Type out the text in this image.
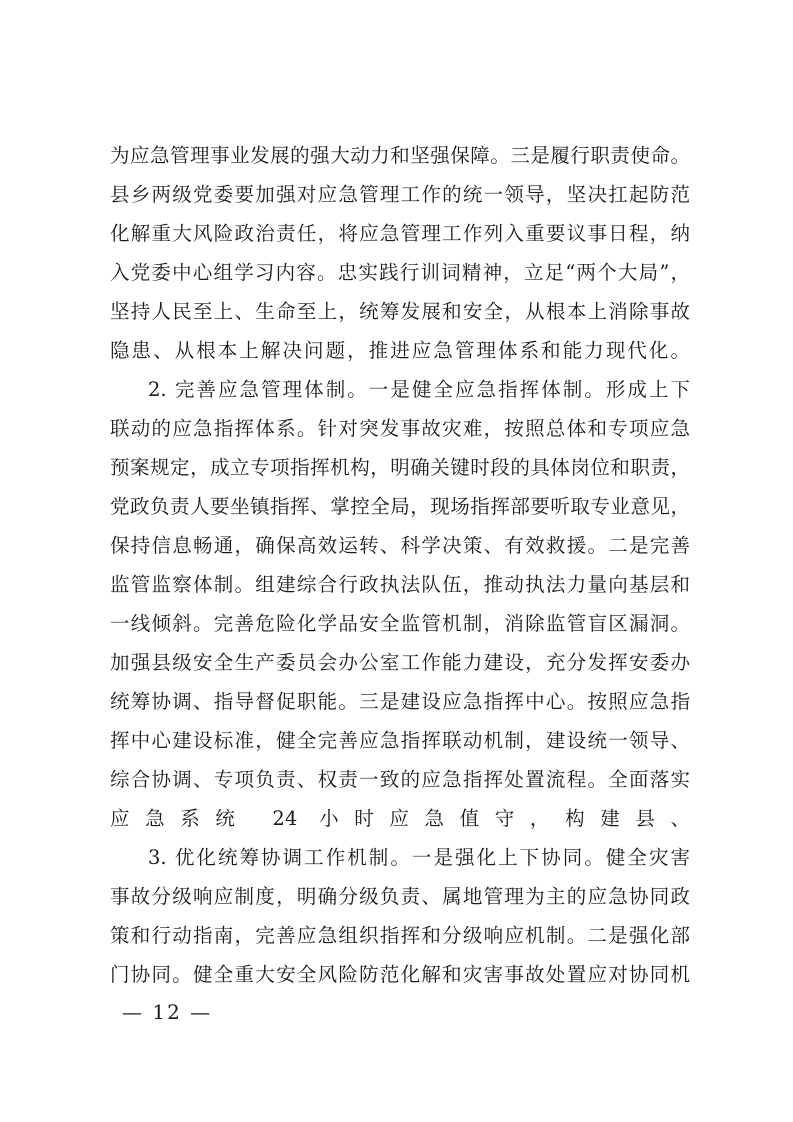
为应急管理事业发展的强大动力和坚强保障。三是履行职责使命。
县乡两级党委要加强对应急管理工作的统一领导，坚决扛起防范
化解重大风险政治责任，将应急管理工作列入重要议事日程，纳
入党委中心组学习内容。忠实践行训词精神，立足“两个大局”，
坚持人民至上、生命至上，统筹发展和安全，从根本上消除事故
隐患、从根本上解决问题，推进应急管理体系和能力现代化。
2. 完善应急管理体制。一是健全应急指挥体制。形成上下
联动的应急指挥体系。针对突发事故灾难，按照总体和专项应急
预案规定，成立专项指挥机构，明确关键时段的具体岗位和职责，
党政负责人要坐镇指挥、掌控全局，现场指挥部要听取专业意见，
保持信息畅通，确保高效运转、科学决策、有效救援。二是完善
监管监察体制。组建综合行政执法队伍，推动执法力量向基层和
一线倾斜。完善危险化学品安全监管机制，消除监管盲区漏洞。
加强县级安全生产委员会办公室工作能力建设，充分发挥安委办
统筹协调、指导督促职能。三是建设应急指挥中心。按照应急指
挥中心建设标准，健全完善应急指挥联动机制，建设统一领导、
综合协调、专项负责、权责一致的应急指挥处置流程。全面落实
应急系统 24 小时应急值守，构建县、
3. 优化统筹协调工作机制。一是强化上下协同。健全灾害
事故分级响应制度，明确分级负责、属地管理为主的应急协同政
策和行动指南，完善应急组织指挥和分级响应机制。二是强化部
门协同。健全重大安全风险防范化解和灾害事故处置应对协同机
— 12 —
